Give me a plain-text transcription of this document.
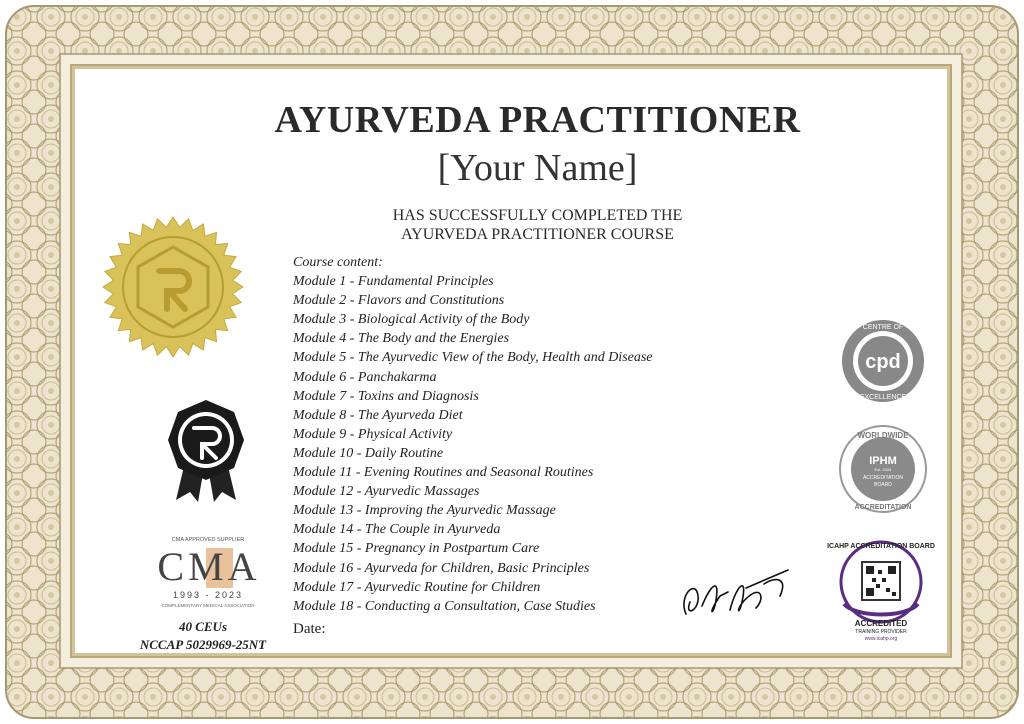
CMA APPROVED SUPPLIER
CMA
1993 - 2023
COMPLEMENTARY MEDICAL ASSOCIATION
40 CEUs
NCCAP 5029969-25NT
AYURVEDA PRACTITIONER
[Your Name]
HAS SUCCESSFULLY COMPLETED THE
AYURVEDA PRACTITIONER COURSE
Course content:
Module 1 - Fundamental Principles
Module 2 - Flavors and Constitutions
Module 3 - Biological Activity of the Body
Module 4 - The Body and the Energies
Module 5 - The Ayurvedic View of the Body, Health and Disease
Module 6 - Panchakarma
Module 7 - Toxins and Diagnosis
Module 8 - The Ayurveda Diet
Module 9 - Physical Activity
Module 10 - Daily Routine
Module 11 - Evening Routines and Seasonal Routines
Module 12 - Ayurvedic Massages
Module 13 - Improving the Ayurvedic Massage
Module 14 - The Couple in Ayurveda
Module 15 - Pregnancy in Postpartum Care
Module 16 - Ayurveda for Children, Basic Principles
Module 17 - Ayurvedic Routine for Children
Module 18 - Conducting a Consultation, Case Studies
Date:
cpd
CENTRE OF
EXCELLENCE
WORLDWIDE
IPHM
Est. 2004
ACCREDITATION
BOARD
ACCREDITATION
ICAHP ACCREDITATION BOARD
ACCREDITED
TRAINING PROVIDER
www.icahp.org
